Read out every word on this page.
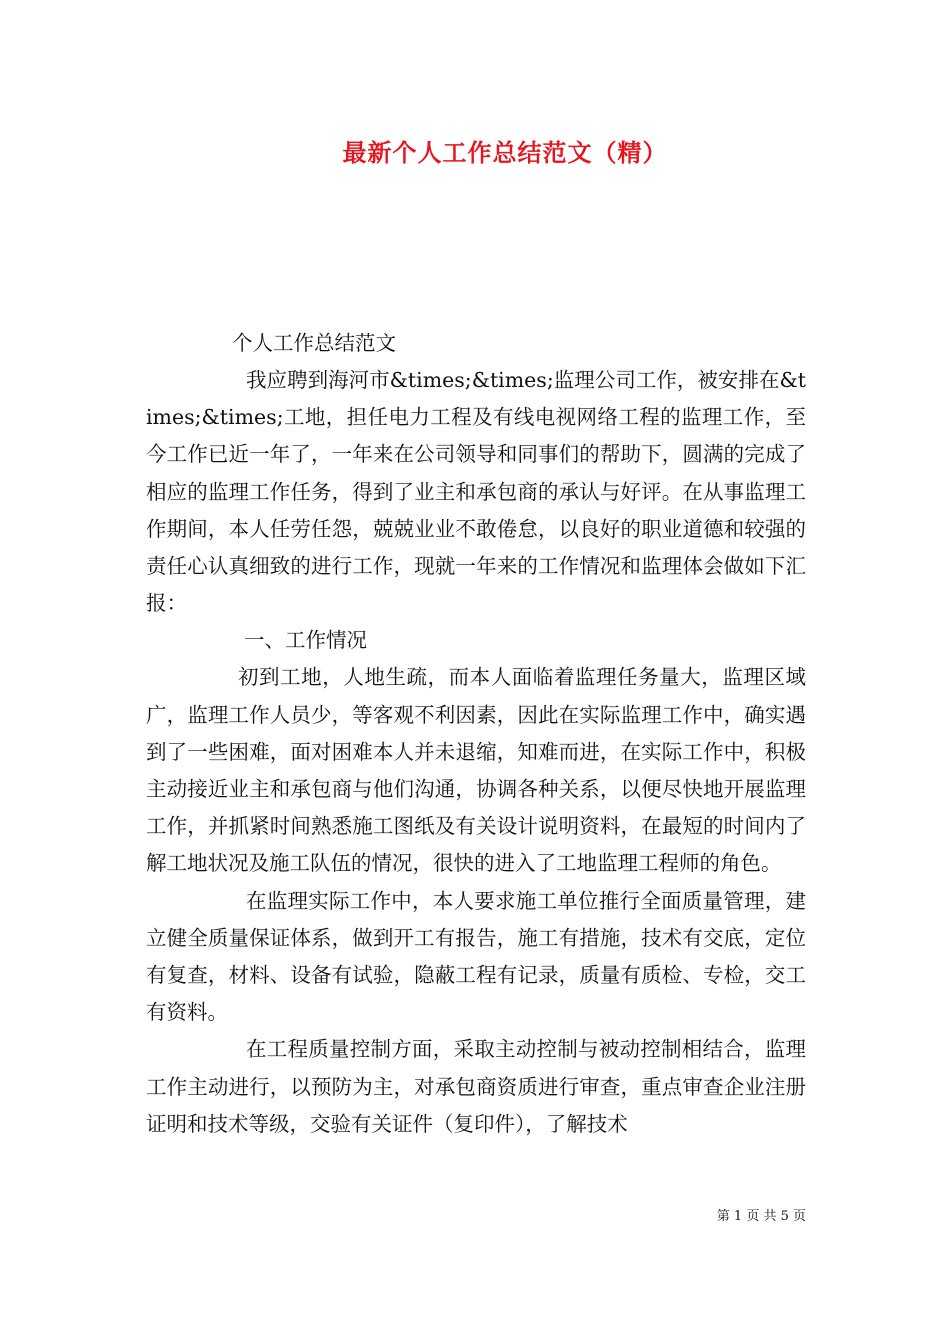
最新个人工作总结范文（精）

个人工作总结范文

我应聘到海河市&times;&times;监理公司工作，被安排在&times;&times;工地，担任电力工程及有线电视网络工程的监理工作，至今工作已近一年了，一年来在公司领导和同事们的帮助下，圆满的完成了相应的监理工作任务，得到了业主和承包商的承认与好评。在从事监理工作期间，本人任劳任怨，兢兢业业不敢倦怠，以良好的职业道德和较强的责任心认真细致的进行工作，现就一年来的工作情况和监理体会做如下汇报：

一、工作情况

初到工地，人地生疏，而本人面临着监理任务量大，监理区域广，监理工作人员少，等客观不利因素，因此在实际监理工作中，确实遇到了一些困难，面对困难本人并未退缩，知难而进，在实际工作中，积极主动接近业主和承包商与他们沟通，协调各种关系，以便尽快地开展监理工作，并抓紧时间熟悉施工图纸及有关设计说明资料，在最短的时间内了解工地状况及施工队伍的情况，很快的进入了工地监理工程师的角色。

在监理实际工作中，本人要求施工单位推行全面质量管理，建立健全质量保证体系，做到开工有报告，施工有措施，技术有交底，定位有复查，材料、设备有试验，隐蔽工程有记录，质量有质检、专检，交工有资料。

在工程质量控制方面，采取主动控制与被动控制相结合，监理工作主动进行，以预防为主，对承包商资质进行审查，重点审查企业注册证明和技术等级，交验有关证件（复印件），了解技术

第 1 页 共 5 页
